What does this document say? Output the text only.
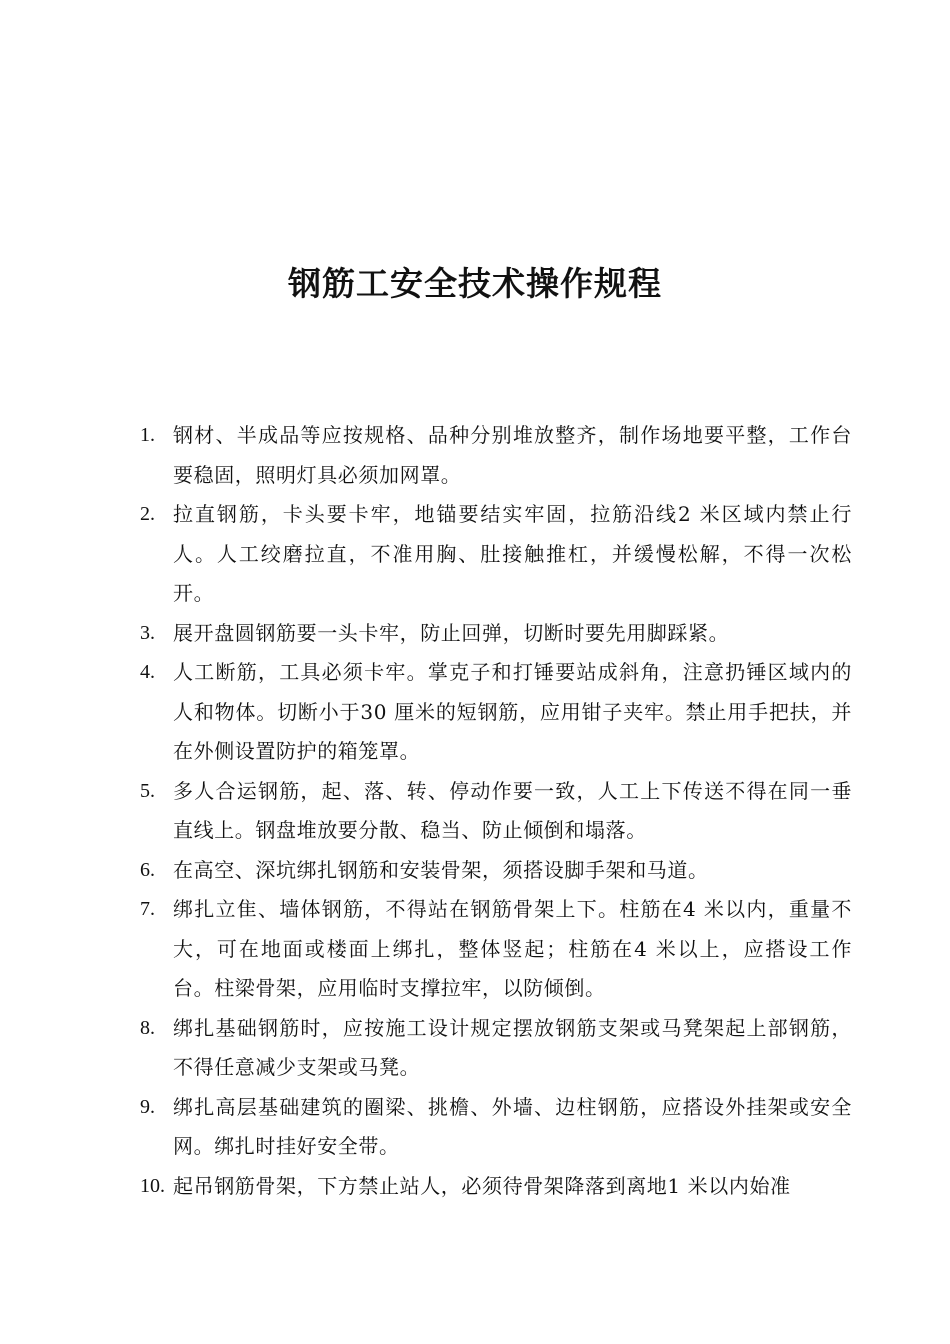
钢筋工安全技术操作规程
1. 钢材、半成品等应按规格、品种分别堆放整齐，制作场地要平整，工作台要稳固，照明灯具必须加网罩。
2. 拉直钢筋，卡头要卡牢，地锚要结实牢固，拉筋沿线2 米区域内禁止行人。人工绞磨拉直，不准用胸、肚接触推杠，并缓慢松解，不得一次松开。
3. 展开盘圆钢筋要一头卡牢，防止回弹，切断时要先用脚踩紧。
4. 人工断筋，工具必须卡牢。掌克子和打锤要站成斜角，注意扔锤区域内的人和物体。切断小于30 厘米的短钢筋，应用钳子夹牢。禁止用手把扶，并在外侧设置防护的箱笼罩。
5. 多人合运钢筋，起、落、转、停动作要一致，人工上下传送不得在同一垂直线上。钢盘堆放要分散、稳当、防止倾倒和塌落。
6. 在高空、深坑绑扎钢筋和安装骨架，须搭设脚手架和马道。
7. 绑扎立隹、墙体钢筋，不得站在钢筋骨架上下。柱筋在4 米以内，重量不大，可在地面或楼面上绑扎，整体竖起；柱筋在4 米以上，应搭设工作台。柱梁骨架，应用临时支撑拉牢，以防倾倒。
8. 绑扎基础钢筋时，应按施工设计规定摆放钢筋支架或马凳架起上部钢筋，不得任意减少支架或马凳。
9. 绑扎高层基础建筑的圈梁、挑檐、外墙、边柱钢筋，应搭设外挂架或安全网。绑扎时挂好安全带。
10. 起吊钢筋骨架，下方禁止站人，必须待骨架降落到离地1 米以内始准
